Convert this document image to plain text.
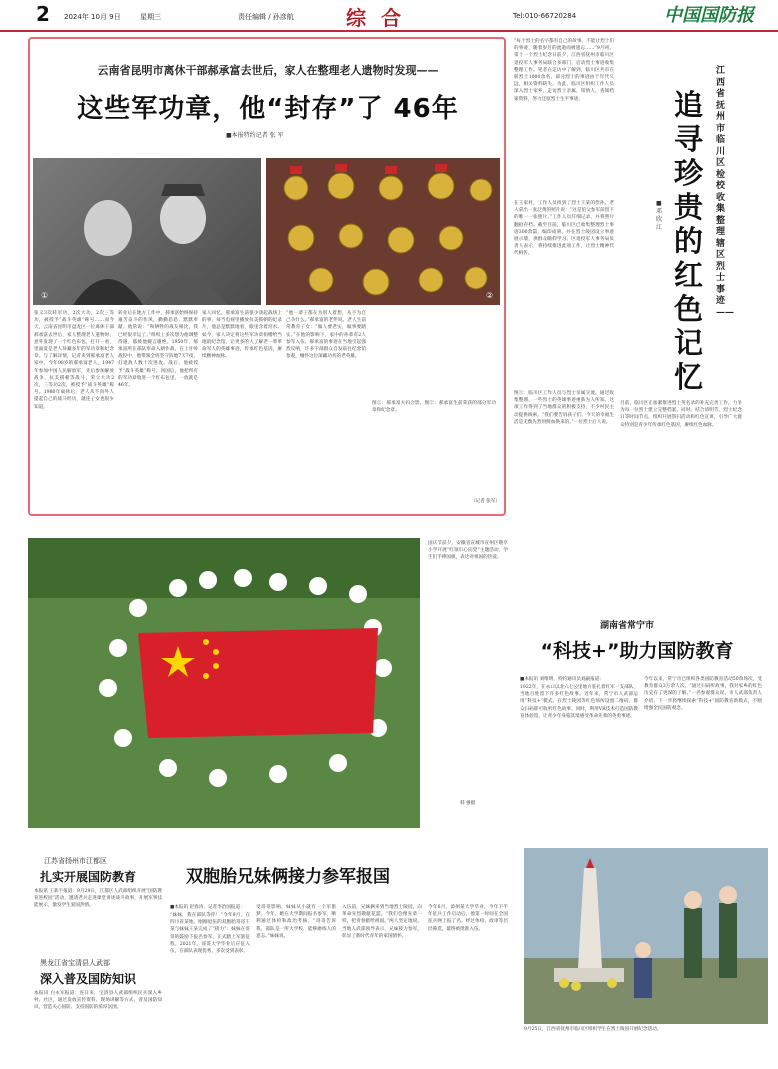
2 2024年 10月 9日	星期三	责任编辑 / 孙彦航	综 合	Tel:010-66720284	中国国防报
云南省昆明市离休干部郝承富去世后，家人在整理老人遗物时发现——
这些军功章，他“封存”了 46年
■本报特约记者 张 军
①	②
张义3次转军功，2次大功，2次三等功，被授予“战斗英雄”称号……而今天，云南省昆明市盘龙区一位离休干部郝承富去世后，家人整理老人遗物时，意外发现了一个红色布包，打开一看，里面竟是老人珍藏多年的军功章和纪念章。与了解详情，记者来到郝承富老人家中。今年98岁的郝承富老人，1947年参加中国人民解放军，先后参加解放战争、抗美援朝等战斗，荣立大功2次，三等功2次，被授予“战斗英雄”称号。1980年离休后，老人从不向外人提起自己的战斗经历，就连子女也很少知道。
转业后在地方工作中，郝承富始终保持艰苦奋斗的作风，勤勤恳恳，默默奉献。他常说：“和牺牲的战友相比，我已经很幸运了。”组织上多次想为他调整待遇，都被他婉言谢绝。1950年，郝承富所在部队奉命入朝作战，在上甘岭战役中，他带领全班坚守阵地7天7夜，打退敌人数十次进攻。战后，他被授予“战斗英雄”称号。回国后，他把所有的军功章收进一个红布包里，一放就是46年。
家人回忆，郝承富生前很少谈起战场上的事，每当电视里播放抗美援朝的纪录片，他总是默默地看，眼里含着泪水。如今，家人决定将这些军功章捐赠给当地的纪念馆，让更多的人了解老一辈革命军人的英雄事迹，传承红色基因，赓续精神血脉。
“他一辈子都在为别人着想，从不为自己争什么。”郝承富的老伴说。老人生前常教育子女：“做人要老实，做事要踏实。”在他的影响下，家中的孙辈有2人参军入伍。郝承富的事迹在当地引起强烈反响，许多干部群众自发前往纪念馆参观，缅怀这位深藏功名的老英雄。
图①：郝承富夫妇合影。图②：郝承富生前荣获的部分军功章和纪念章。
（记者 张军）
“每个烈士的名字都有自己的故事。不能让烈士们的事迹，随着岁月的流逝而被遗忘……”9月初，第十一个烈士纪念日前夕，江西省抚州市临川区退役军人事务局联合多部门，启动烈士事迹收集整理工作。笔者在走访中了解到，临川区共有在册烈士1000余名，部分烈士的事迹由于年代久远，相关资料缺失。为此，临川区组织工作人员深入烈士家乡，走访烈士亲属、知情人，查阅档案资料，努力还原烈士生平事迹。
在王家村，工作人员找到了烈士王某的侄孙。老人拿出一张泛黄的照片说：“这是伯父参军前留下的唯一一张照片。”工作人员仔细记录，并将照片翻拍存档。截至目前，临川区已收集整理烈士事迹300余篇，编印成册，并在烈士陵园设立事迹展示墙，供群众瞻仰学习。区退役军人事务局负责人表示，将持续推进此项工作，让烈士精神代代相传。
图①：临川区工作人员与烈士亲属交流。通过收集整理，一些烈士的英雄事迹重新为人所知。这项工作得到了当地群众的积极支持，不少村民主动提供线索。“我们要告诉孩子们，今天的幸福生活是无数先烈用鲜血换来的。”一位烈士后人说。
目前，临川区正加紧推进烈士英名录的补充完善工作，力争为每一位烈士建立完整档案。同时，结合清明节、烈士纪念日等时间节点，组织开展祭扫活动和红色宣讲，引导广大群众特别是青少年传承红色基因，赓续红色血脉。
江西省抚州市临川区检校收集整理辖区烈士事迹——
追寻珍贵的红色记忆
■邓 欣 江
国庆节前夕，安徽省宣城市宣州区敬亭小学开展“红领巾心向党”主题活动，学生们手捧国旗，表达对祖国的热爱。
韩 强摄
湖南省常宁市
“科技+”助力国防教育
■本报讯 刘维明、特约通讯员刘嗣报道：
1922年，在永口以北六七公里地方驻扎着红军一支部队，当地百姓留下许多红色故事。近年来，常宁市人武部运用“科技+”模式，在烈士陵园等红色场所设置二维码，群众扫码即可收听红色故事。同时，利用VR技术打造国防教育体验馆，让青少年身临其境感受革命先辈的英勇事迹。
今年以来，常宁市已组织各类国防教育活动50余场次，受教育群众3万余人次。“通过扫码听故事，我对家乡的红色历史有了更深的了解。”一名参观群众说。市人武部负责人介绍，下一步将继续探索“科技+”国防教育新模式，不断增强全民国防观念。
江苏省扬州市江都区
扎实开展国防教育
本报讯 王新宇报道：9月29日，江都区人武部组织开展“国防教育进校园”活动，邀请老兵走进课堂讲述战斗故事，开展军事技能展示，激发学生爱国热情。
黑龙江省宝清县人武部
深入普及国防知识
本报讯 白永军报道：连日来，宝清县人武部组织民兵深入乡村、社区，通过发放宣传资料、现场讲解等方式，普及国防知识，营造关心国防、支持国防的浓厚氛围。
双胞胎兄妹俩接力参军报国
■本报讯 赵春涛、记者李治国报道：
“妹妹，我在部队等你！”今年9月，在四川省某地，刚刚退伍的双胞胎哥哥王某与妹妹王某完成了“接力”：妹妹在哥哥的鼓励下报名参军，正式踏上军旅征程。2021年，哥哥大学毕业后应征入伍，在部队表现优秀，多次受到表彰。
受哥哥影响，妹妹从小就有一个军旅梦。今年，她在大学期间报名参军，顺利通过体检和政治考核。“哥哥告诉我，部队是一所大学校，能够磨炼人的意志。”妹妹说。
入伍前，兄妹俩来到当地烈士陵园，向革命先烈敬献花篮。“我们会像先辈一样，把青春献给祖国。”两人坚定地说。当地人武部领导表示，兄妹接力参军，彰显了新时代青年的家国情怀。
今年6月，漳州某大学毕业，今年下半年征兵工作启动后，他第一时间在全国征兵网上报了名。经过体检、政审等层层筛选，最终被批准入伍。
9月25日，江西省抚州市临川区组织学生在烈士陵园开展纪念活动。
